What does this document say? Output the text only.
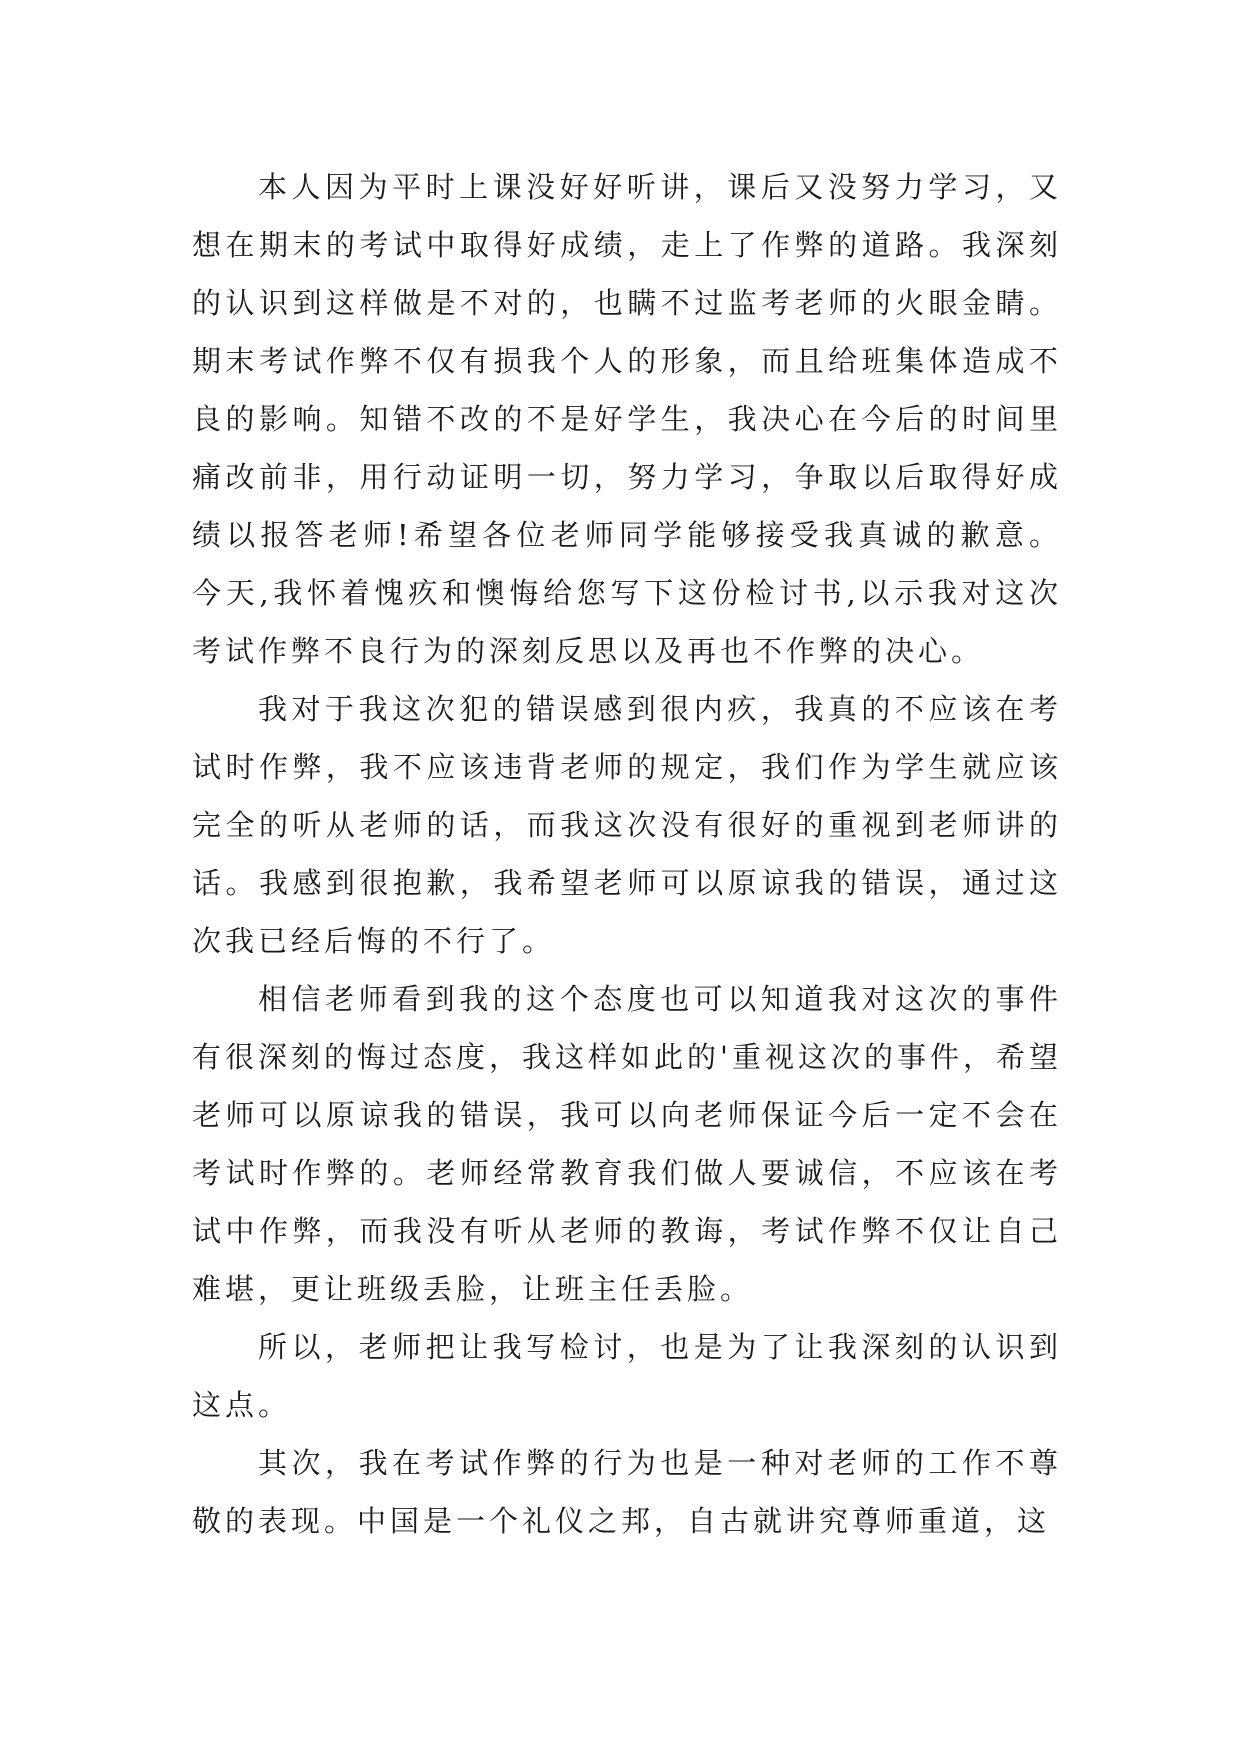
本人因为平时上课没好好听讲，课后又没努力学习，又想在期末的考试中取得好成绩，走上了作弊的道路。我深刻的认识到这样做是不对的，也瞒不过监考老师的火眼金睛。期末考试作弊不仅有损我个人的形象，而且给班集体造成不良的影响。知错不改的不是好学生，我决心在今后的时间里痛改前非，用行动证明一切，努力学习，争取以后取得好成绩以报答老师!希望各位老师同学能够接受我真诚的歉意。今天,我怀着愧疚和懊悔给您写下这份检讨书,以示我对这次考试作弊不良行为的深刻反思以及再也不作弊的决心。

我对于我这次犯的错误感到很内疚，我真的不应该在考试时作弊，我不应该违背老师的规定，我们作为学生就应该完全的听从老师的话，而我这次没有很好的重视到老师讲的话。我感到很抱歉，我希望老师可以原谅我的错误，通过这次我已经后悔的不行了。

相信老师看到我的这个态度也可以知道我对这次的事件有很深刻的悔过态度，我这样如此的'重视这次的事件，希望老师可以原谅我的错误，我可以向老师保证今后一定不会在考试时作弊的。老师经常教育我们做人要诚信，不应该在考试中作弊，而我没有听从老师的教诲，考试作弊不仅让自己难堪，更让班级丢脸，让班主任丢脸。

所以，老师把让我写检讨，也是为了让我深刻的认识到这点。

其次，我在考试作弊的行为也是一种对老师的工作不尊敬的表现。中国是一个礼仪之邦，自古就讲究尊师重道，这
